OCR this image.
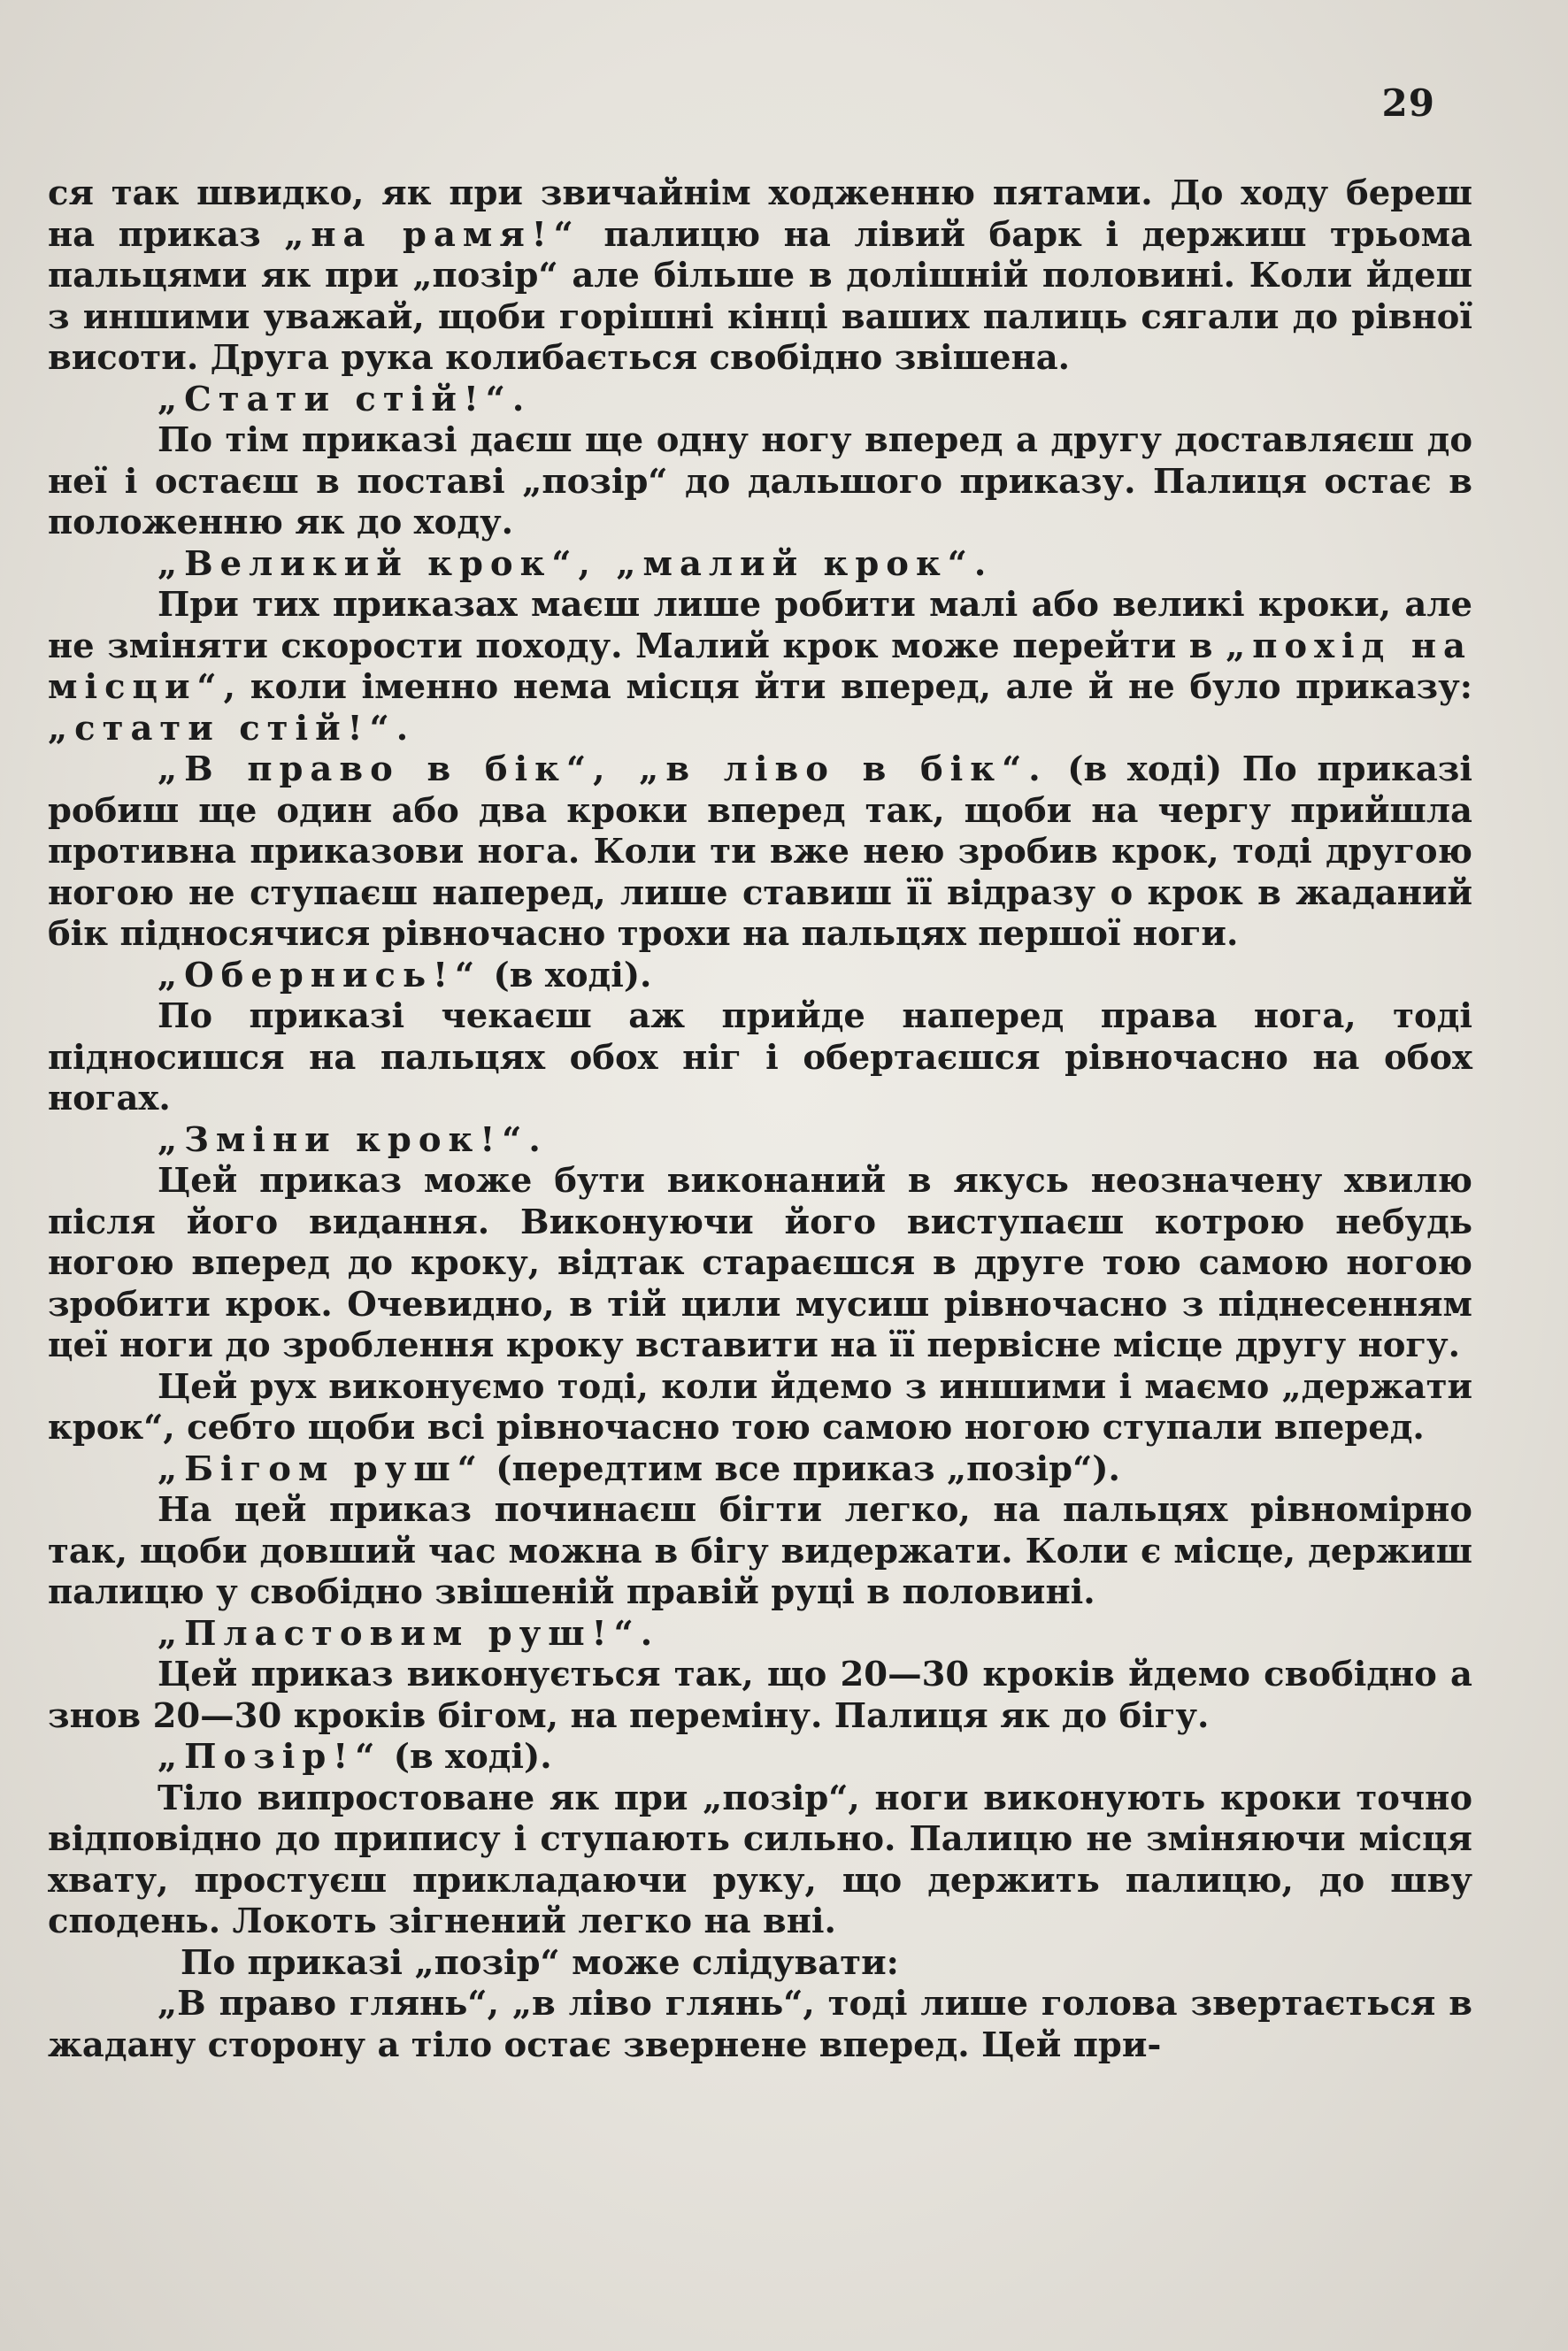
29

ся так швидко, як при звичайнім ходженню пятами. До ходу береш на приказ „на рамя!“ палицю на лівий барк і держиш трьома пальцями як при „позір“ але більше в долішній половині. Коли йдеш з иншими уважай, щоби горішні кінці ваших палиць сягали до рівної висоти. Друга рука колибається свобідно звішена.

„Стати стій!“.

По тім приказі даєш ще одну ногу вперед а другу доставляєш до неї і остаєш в поставі „позір“ до дальшого приказу. Палиця остає в положенню як до ходу.

„Великий крок“, „малий крок“.

При тих приказах маєш лише робити малі або великі кроки, але не зміняти скорости походу. Малий крок може перейти в „похід на місци“, коли іменно нема місця йти вперед, але й не було приказу: „стати стій!“.

„В право в бік“, „в ліво в бік“. (в ході) По приказі робиш ще один або два кроки вперед так, щоби на чергу прийшла противна приказови нога. Коли ти вже нею зробив крок, тоді другою ногою не ступаєш наперед, лише ставиш її відразу о крок в жаданий бік підносячися рівночасно трохи на пальцях першої ноги.

„Обернись!“ (в ході).

По приказі чекаєш аж прийде наперед права нога, тоді підносишся на пальцях обох ніг і обертаєшся рівночасно на обох ногах.

„Зміни крок!“.

Цей приказ може бути виконаний в якусь неозначену хвилю після його видання. Виконуючи його виступаєш котрою небудь ногою вперед до кроку, відтак стараєшся в друге тою самою ногою зробити крок. Очевидно, в тій цили мусиш рівночасно з піднесенням цеї ноги до зроблення кроку вставити на її первісне місце другу ногу.

Цей рух виконуємо тоді, коли йдемо з иншими і маємо „держати крок“, себто щоби всі рівночасно тою самою ногою ступали вперед.

„Бігом руш“ (передтим все приказ „позір“).

На цей приказ починаєш бігти легко, на пальцях рівномірно так, щоби довший час можна в бігу видержати. Коли є місце, держиш палицю у свобідно звішеній правій руці в половині.

„Пластовим руш!“.

Цей приказ виконується так, що 20—30 кроків йдемо свобідно а знов 20—30 кроків бігом, на переміну. Палиця як до бігу.

„Позір!“ (в ході).

Тіло випростоване як при „позір“, ноги виконують кроки точно відповідно до припису і ступають сильно. Палицю не зміняючи місця хвату, простуєш прикладаючи руку, що держить палицю, до шву сподень. Локоть зігнений легко на вні.

По приказі „позір“ може слідувати:

„В право глянь“, „в ліво глянь“, тоді лише голова звертається в жадану сторону а тіло остає звернене вперед. Цей при-
